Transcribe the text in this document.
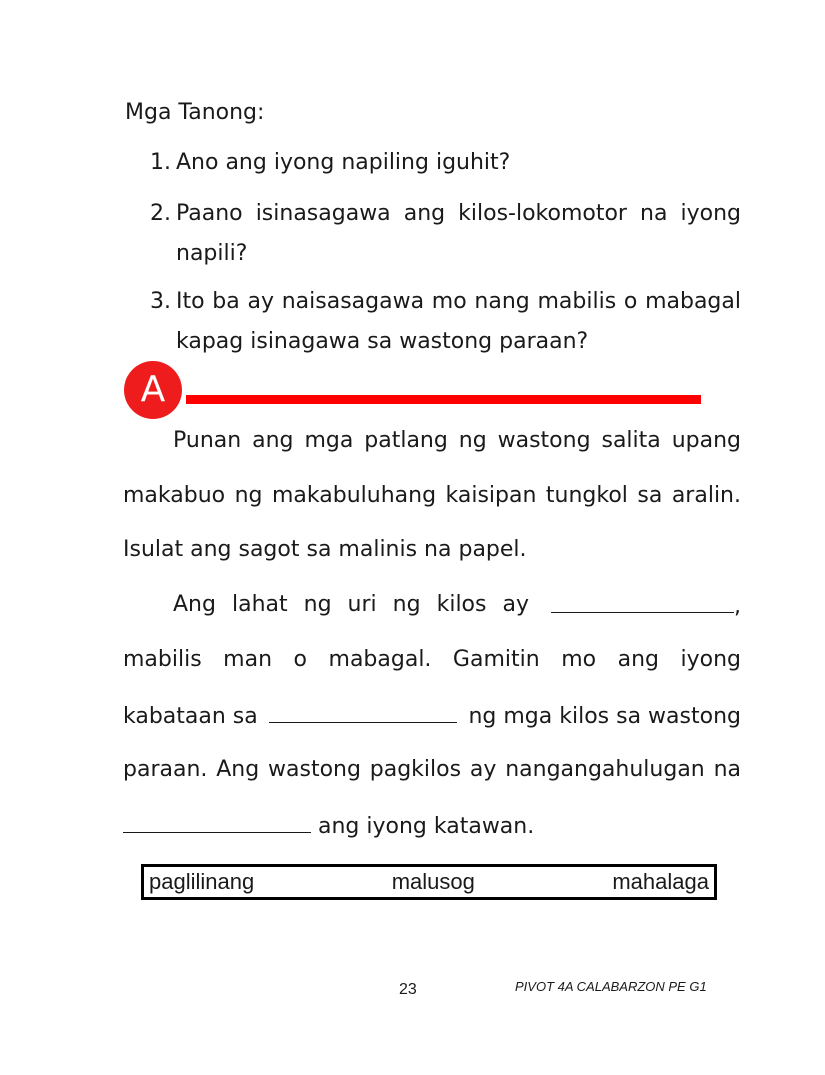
Mga Tanong:
1. Ano ang iyong napiling iguhit?
2. Paano isinasagawa ang kilos-lokomotor na iyong
napili?
3. Ito ba ay naisasagawa mo nang mabilis o mabagal
kapag isinagawa sa wastong paraan?
A
Punan ang mga patlang ng wastong salita upang
makabuo ng makabuluhang kaisipan tungkol sa aralin.
Isulat ang sagot sa malinis na papel.
Ang lahat ng uri ng kilos ay	,
mabilis man o mabagal. Gamitin mo ang iyong
kabataan sa	ng mga kilos sa wastong
paraan. Ang wastong pagkilos ay nangangahulugan na
ang iyong katawan.
paglilinang	malusog	mahalaga
23	PIVOT 4A CALABARZON PE G1
